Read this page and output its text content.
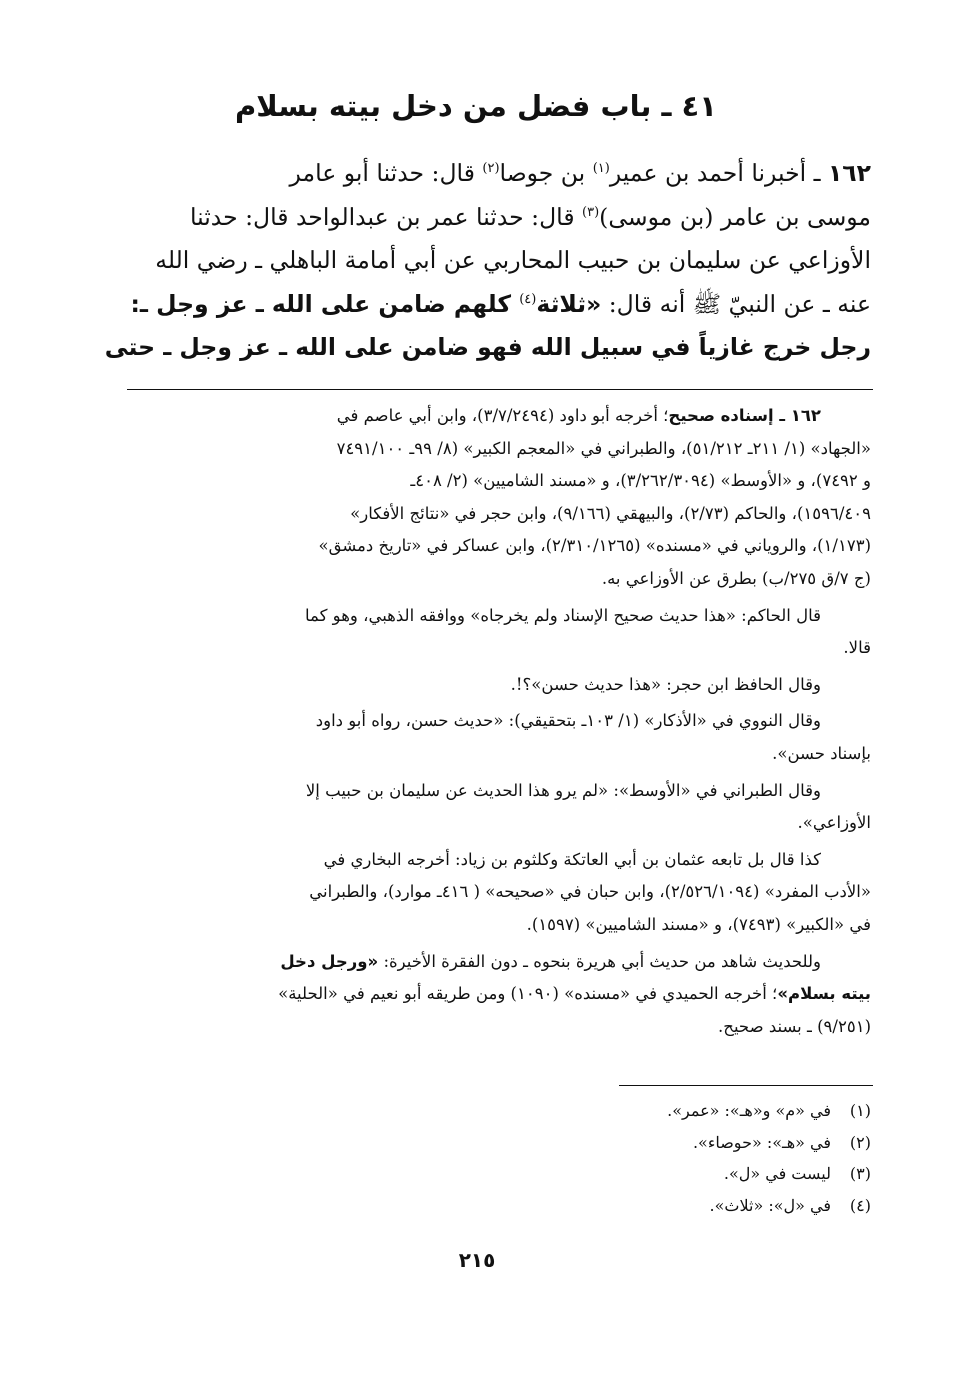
٤١ ـ باب فضل من دخل بيته بسلام
١٦٢ ـ أخبرنا أحمد بن عمير$^{(١)}$ بن جوصا$^{(٢)}$ قال: حدثنا أبو عامر
موسى بن عامر (بن موسى)$^{(٣)}$ قال: حدثنا عمر بن عبدالواحد قال: حدثنا
الأوزاعي عن سليمان بن حبيب المحاربي عن أبي أمامة الباهلي ـ رضي الله
عنه ـ عن النبيّ ﷺ أنه قال: «ثلاثة$^{(٤)}$ كلهم ضامن على الله ـ عز وجل ـ:
رجل خرج غازياً في سبيل الله فهو ضامن على الله ـ عز وجل ـ حتى
١٦٢ ـ إسناده صحيح؛ أخرجه أبو داود (٣/٧/٢٤٩٤)، وابن أبي عاصم في
«الجهاد» (١/ ٢١١ـ ٥١/٢١٢)، والطبراني في «المعجم الكبير» (٨/ ٩٩ـ ٧٤٩١/١٠٠
و ٧٤٩٢)، و «الأوسط» (٣/٢٦٢/٣٠٩٤)، و «مسند الشاميين» (٢/ ٤٠٨ـ
١٥٩٦/٤٠٩)، والحاكم (٢/٧٣)، والبيهقي (٩/١٦٦)، وابن حجر في «نتائج الأفكار»
(١/١٧٣)، والروياني في «مسنده» (٢/٣١٠/١٢٦٥)، وابن عساكر في «تاريخ دمشق»
(ج ٧/ق ٢٧٥/ب) بطرق عن الأوزاعي به.
قال الحاكم: «هذا حديث صحيح الإسناد ولم يخرجاه» ووافقه الذهبي، وهو كما
قالا.
وقال الحافظ ابن حجر: «هذا حديث حسن»؟!.
وقال النووي في «الأذكار» (١/ ١٠٣ـ بتحقيقي): «حديث حسن، رواه أبو داود
بإسناد حسن».
وقال الطبراني في «الأوسط»: «لم يرو هذا الحديث عن سليمان بن حبيب إلا
الأوزاعي».
كذا قال بل تابعه عثمان بن أبي العاتكة وكلثوم بن زياد: أخرجه البخاري في
«الأدب المفرد» (٢/٥٢٦/١٠٩٤)، وابن حبان في «صحيحه» ( ٤١٦ـ موارد)، والطبراني
في «الكبير» (٧٤٩٣)، و «مسند الشاميين» (١٥٩٧).
وللحديث شاهد من حديث أبي هريرة بنحوه ـ دون الفقرة الأخيرة: «ورجل دخل
بيته بسلام»؛ أخرجه الحميدي في «مسنده» (١٠٩٠) ومن طريقه أبو نعيم في «الحلية»
(٩/٢٥١) ـ بسند صحيح.
(١)في «م» و«هـ»: «عمر».
(٢)في «هـ»: «حوصاء».
(٣)ليست في «ل».
(٤)في «ل»: «ثلاث».
٢١٥
